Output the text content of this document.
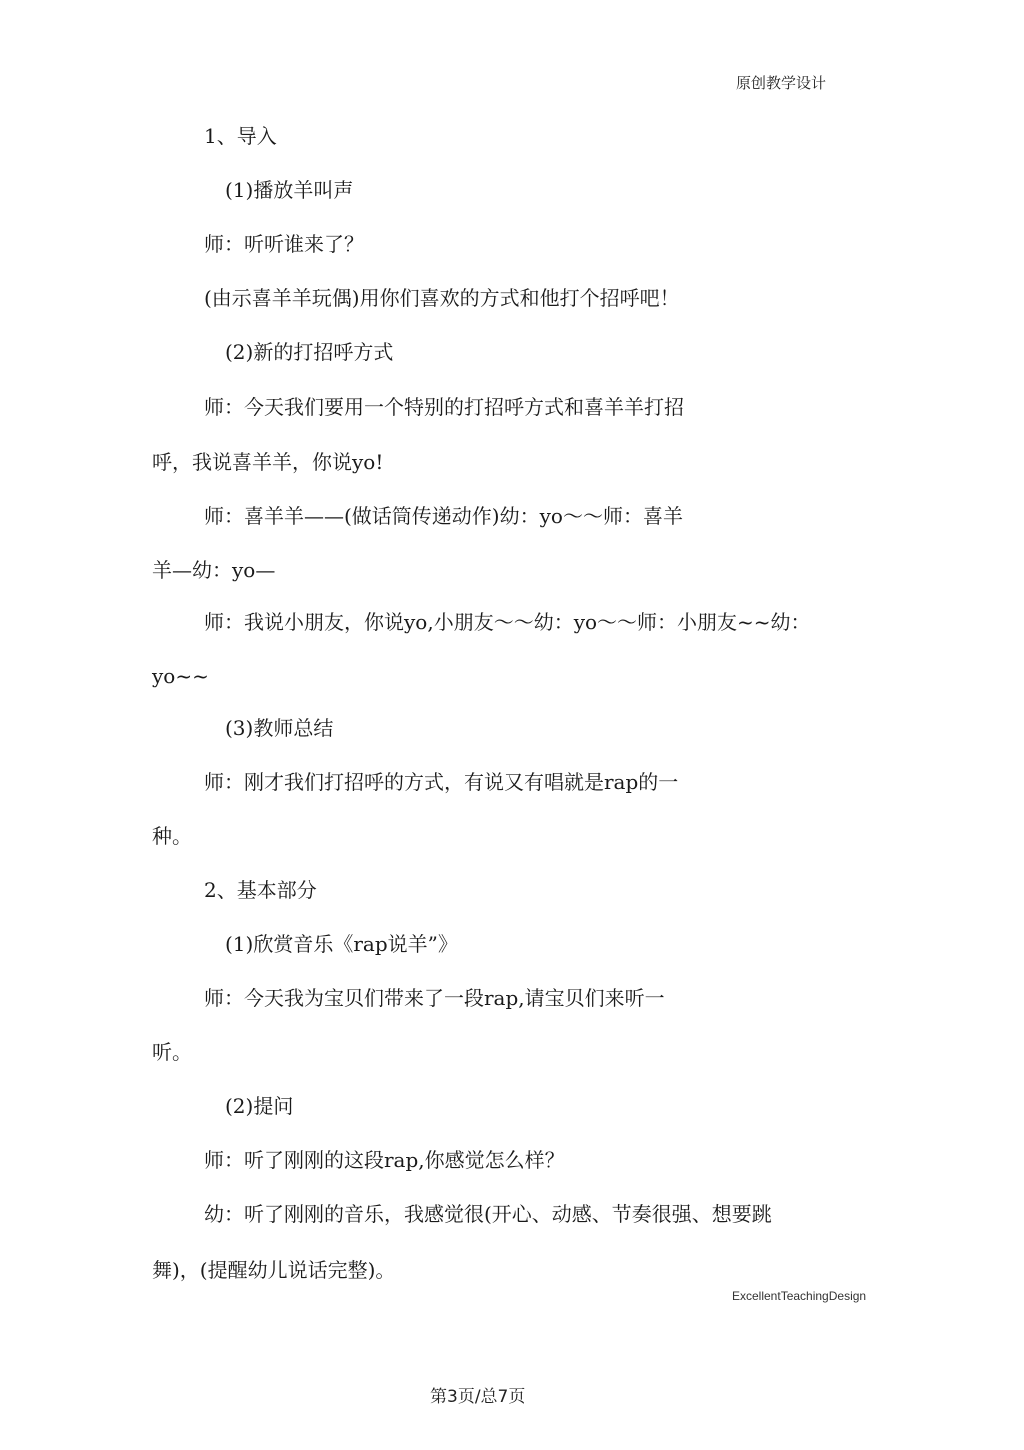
原创教学设计
1、导入
(1)播放羊叫声
师：听听谁来了？
(由示喜羊羊玩偶)用你们喜欢的方式和他打个招呼吧！
(2)新的打招呼方式
师：今天我们要用一个特别的打招呼方式和喜羊羊打招
呼，我说喜羊羊，你说yo!
师：喜羊羊——(做话筒传递动作)幼：yo～～师：喜羊
羊—幼：yo—
师：我说小朋友，你说yo,小朋友～～幼：yo～～师：小朋友~~幼：
yo~~
(3)教师总结
师：刚才我们打招呼的方式，有说又有唱就是rap的一
种。
2、基本部分
(1)欣赏音乐《rap说羊”》
师：今天我为宝贝们带来了一段rap,请宝贝们来听一
听。
(2)提问
师：听了刚刚的这段rap,你感觉怎么样？
幼：听了刚刚的音乐，我感觉很(开心、动感、节奏很强、想要跳
舞)，(提醒幼儿说话完整)。
ExcellentTeachingDesign
第3页/总7页
